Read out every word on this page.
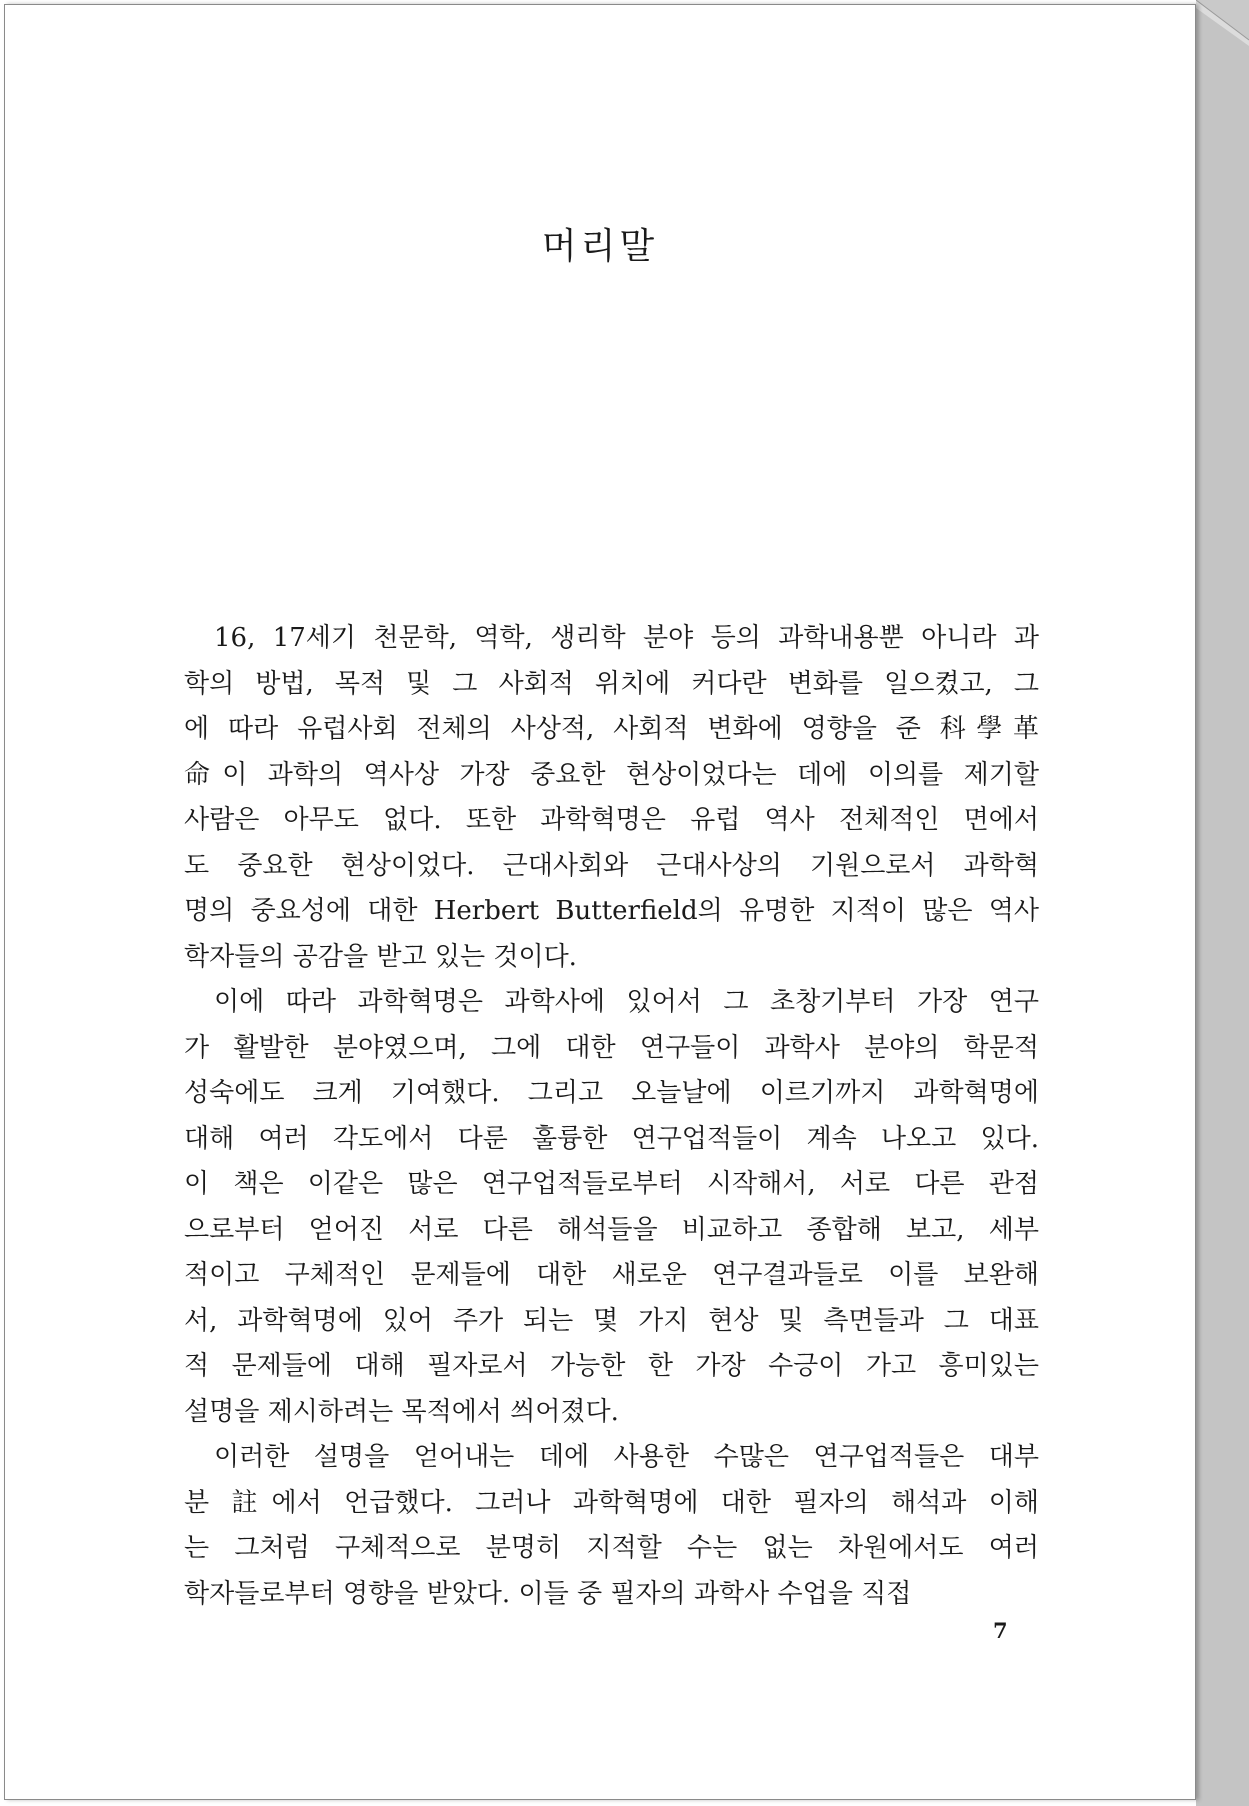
머리말

16, 17세기 천문학, 역학, 생리학 분야 등의 과학내용뿐 아니라 과
학의 방법, 목적 및 그 사회적 위치에 커다란 변화를 일으켰고, 그
에 따라 유럽사회 전체의 사상적, 사회적 변화에 영향을 준 科學革
命이 과학의 역사상 가장 중요한 현상이었다는 데에 이의를 제기할
사람은 아무도 없다. 또한 과학혁명은 유럽 역사 전체적인 면에서
도 중요한 현상이었다. 근대사회와 근대사상의 기원으로서 과학혁
명의 중요성에 대한 Herbert Butterfield의 유명한 지적이 많은 역사
학자들의 공감을 받고 있는 것이다.

이에 따라 과학혁명은 과학사에 있어서 그 초창기부터 가장 연구
가 활발한 분야였으며, 그에 대한 연구들이 과학사 분야의 학문적
성숙에도 크게 기여했다. 그리고 오늘날에 이르기까지 과학혁명에
대해 여러 각도에서 다룬 훌륭한 연구업적들이 계속 나오고 있다.
이 책은 이같은 많은 연구업적들로부터 시작해서, 서로 다른 관점
으로부터 얻어진 서로 다른 해석들을 비교하고 종합해 보고, 세부
적이고 구체적인 문제들에 대한 새로운 연구결과들로 이를 보완해
서, 과학혁명에 있어 주가 되는 몇 가지 현상 및 측면들과 그 대표
적 문제들에 대해 필자로서 가능한 한 가장 수긍이 가고 흥미있는
설명을 제시하려는 목적에서 씌어졌다.

이러한 설명을 얻어내는 데에 사용한 수많은 연구업적들은 대부
분 註에서 언급했다. 그러나 과학혁명에 대한 필자의 해석과 이해
는 그처럼 구체적으로 분명히 지적할 수는 없는 차원에서도 여러
학자들로부터 영향을 받았다. 이들 중 필자의 과학사 수업을 직접

7
